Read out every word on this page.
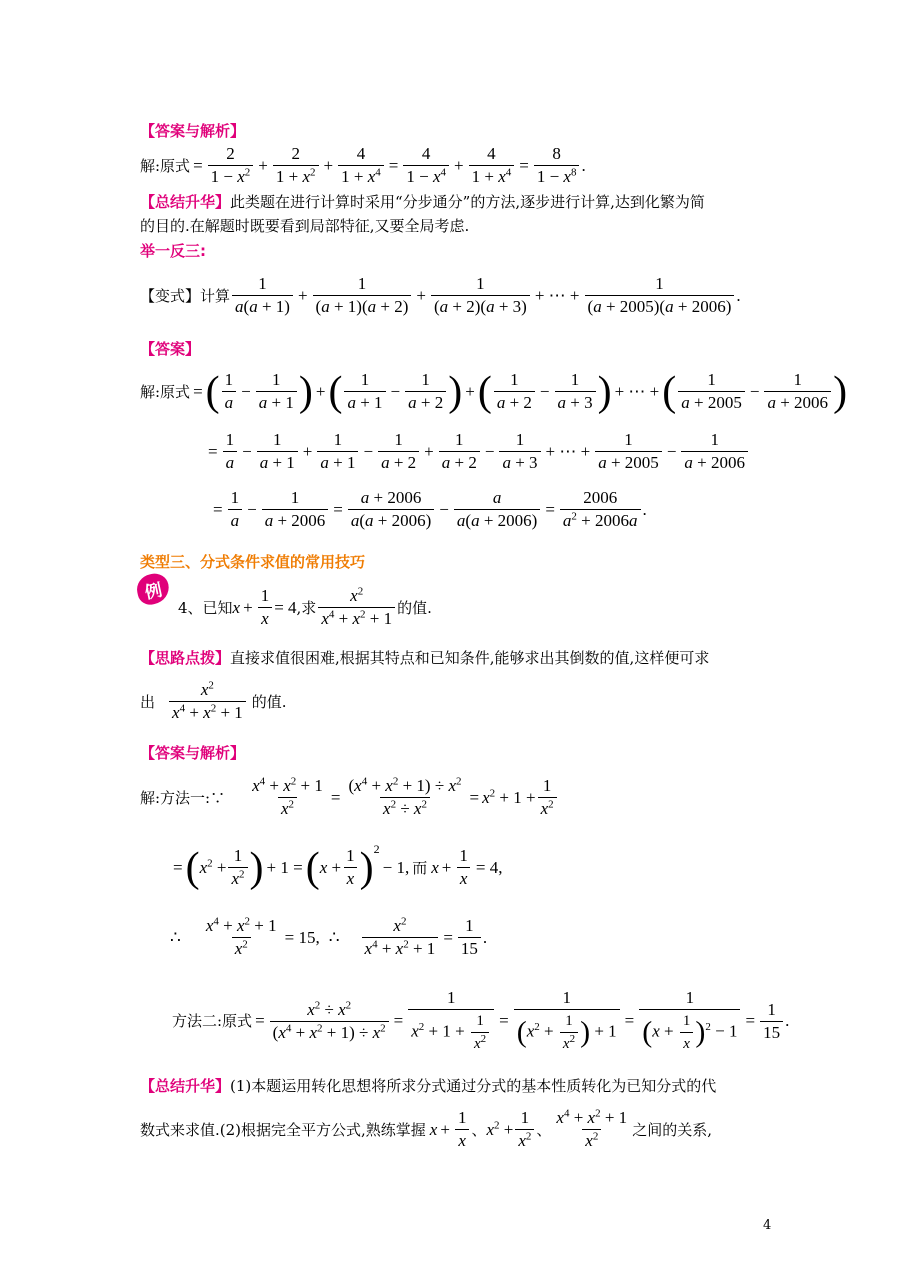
【答案与解析】
解:原式 = $\frac{2}{1 - x^2} + \frac{2}{1 + x^2} + \frac{4}{1 + x^4} = \frac{4}{1 - x^4} + \frac{4}{1 + x^4} = \frac{8}{1 - x^8}$ .
【总结升华】此类题在进行计算时采用“分步通分”的方法,逐步进行计算,达到化繁为简
的目的.在解题时既要看到局部特征,又要全局考虑.
举一反三:
【变式】 计算 $\frac{1}{a(a + 1)} + \frac{1}{(a + 1)(a + 2)} + \frac{1}{(a + 2)(a + 3)}$ + ⋯ + $\frac{1}{(a + 2005)(a + 2006)}$ .
【答案】
解:原式 = ( $\frac{1}{a} - \frac{1}{a + 1}$ ) + ( $\frac{1}{a + 1} - \frac{1}{a + 2}$ ) + ( $\frac{1}{a + 2} - \frac{1}{a + 3}$ ) + ⋯ + ( $\frac{1}{a + 2005} - \frac{1}{a + 2006}$ )
= $\frac{1}{a} - \frac{1}{a + 1} + \frac{1}{a + 1} - \frac{1}{a + 2} + \frac{1}{a + 2} - \frac{1}{a + 3}$ + ⋯ + $\frac{1}{a + 2005} - \frac{1}{a + 2006}$
= $\frac{1}{a} - \frac{1}{a + 2006} = \frac{a + 2006}{a(a + 2006)} - \frac{a}{a(a + 2006)} = \frac{2006}{a^2 + 2006a}$ .
类型三、分式条件求值的常用技巧
例
4、已知 $x + \frac{1}{x} = 4$ ,求 $\frac{x^2}{x^4 + x^2 + 1}$ 的值.
【思路点拨】直接求值很困难,根据其特点和已知条件,能够求出其倒数的值,这样便可求
出 $\frac{x^2}{x^4 + x^2 + 1}$ 的值.
【答案与解析】
解:方法一:∵ $\frac{x^4 + x^2 + 1}{x^2} = \frac{(x^4 + x^2 + 1) \div x^2}{x^2 \div x^2} = x^2 + 1 + \frac{1}{x^2}$
= ( $x^2 + \frac{1}{x^2}$ ) + 1 = ( $x + \frac{1}{x}$ ) 2
− 1, 而 $x + \frac{1}{x} = 4$,
∴ $\frac{x^4 + x^2 + 1}{x^2} = 15$, ∴ $\frac{x^2}{x^4 + x^2 + 1} = \frac{1}{15}$ .
方法二:原式 = $\frac{x^2 \div x^2}{(x^4 + x^2 + 1) \div x^2} = \frac{1}{x^2 + 1 + \frac{1}{x^2}} = \frac{1}{(x^2 + \frac{1}{x^2} ) + 1} = \frac{1}{(x + \frac{1}{x} )^2 - 1} = \frac{1}{15}$ .
【总结升华】(1)本题运用转化思想将所求分式通过分式的基本性质转化为已知分式的代
数式来求值.(2)根据完全平方公式,熟练掌握 $x + \frac{1}{x}$ 、 $x^2 + \frac{1}{x^2}$ 、 $\frac{x^4 + x^2 + 1}{x^2}$ 之间的关系,
4
